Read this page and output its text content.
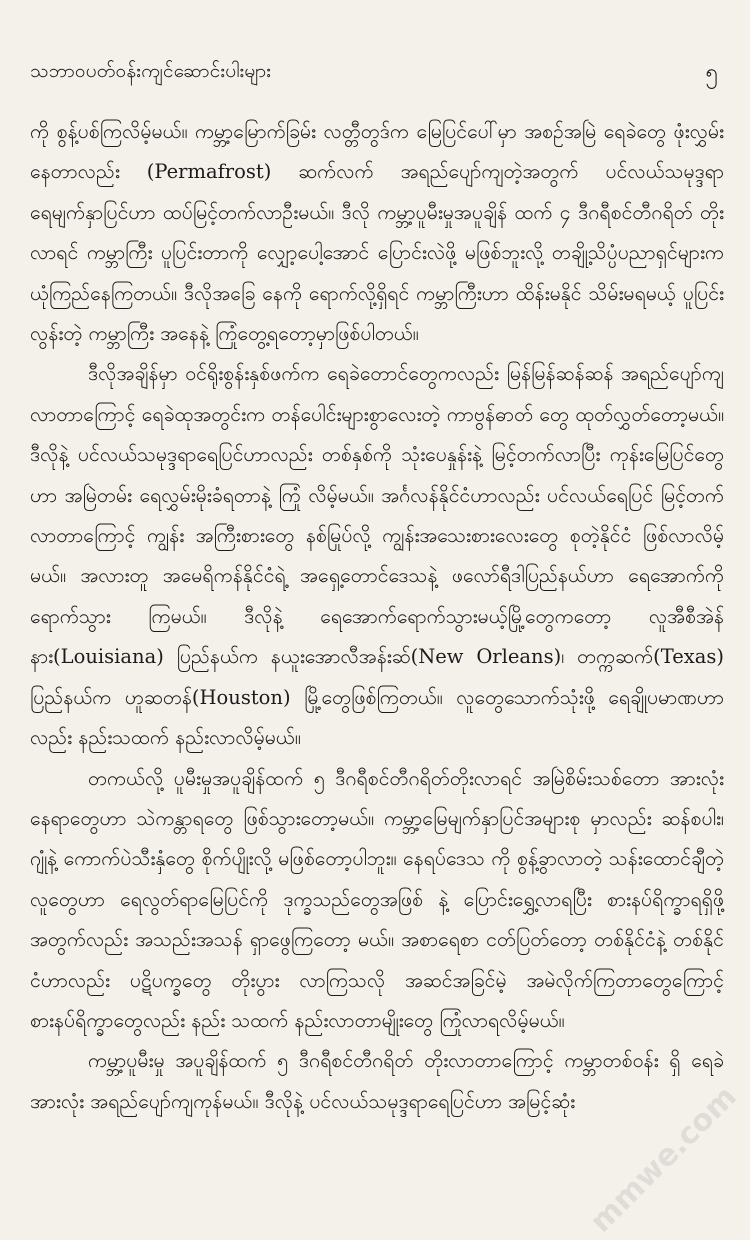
သဘာဝပတ်ဝန်းကျင်ဆောင်းပါးများ	၅

ကို စွန့်ပစ်ကြလိမ့်မယ်။ ကမ္ဘာ့မြောက်ခြမ်း လတ္တီတွဒ်က မြေပြင်ပေါ်မှာ အစဉ်အမြဲ ရေခဲတွေ ဖုံးလွှမ်းနေတာလည်း (Permafrost) ဆက်လက် အရည်ပျော်ကျတဲ့အတွက် ပင်လယ်သမုဒ္ဒရာရေမျက်နှာပြင်ဟာ ထပ်မြင့်တက်လာဦးမယ်။ ဒီလို ကမ္ဘာ့ပူမီးမှုအပူချိန် ထက် ၄ ဒီဂရီစင်တီဂရိတ် တိုးလာရင် ကမ္ဘာကြီး ပူပြင်းတာကို လျှော့ပေါ့အောင် ပြောင်းလဲဖို့ မဖြစ်ဘူးလို့ တချို့သိပ္ပံပညာရှင်များက ယုံကြည်နေကြတယ်။ ဒီလိုအခြေ နေကို ရောက်လို့ရှိရင် ကမ္ဘာကြီးဟာ ထိန်းမနိုင် သိမ်းမရမယ့် ပူပြင်းလွန်းတဲ့ ကမ္ဘာကြီး အနေနဲ့ ကြုံတွေ့ရတော့မှာဖြစ်ပါတယ်။

ဒီလိုအချိန်မှာ ဝင်ရိုးစွန်းနှစ်ဖက်က ရေခဲတောင်တွေကလည်း မြန်မြန်ဆန်ဆန် အရည်ပျော်ကျလာတာကြောင့် ရေခဲထုအတွင်းက တန်ပေါင်းများစွာလေးတဲ့ ကာဗွန်ဓာတ် တွေ ထုတ်လွှတ်တော့မယ်။ ဒီလိုနဲ့ ပင်လယ်သမုဒ္ဒရာရေပြင်ဟာလည်း တစ်နှစ်ကို သုံးပေနှုန်းနဲ့ မြင့်တက်လာပြီး ကုန်းမြေပြင်တွေဟာ အမြဲတမ်း ရေလွှမ်းမိုးခံရတာနဲ့ ကြုံ လိမ့်မယ်။ အင်္ဂလန်နိုင်ငံဟာလည်း ပင်လယ်ရေပြင် မြင့်တက်လာတာကြောင့် ကျွန်း အကြီးစားတွေ နစ်မြုပ်လို့ ကျွန်းအသေးစားလေးတွေ စုတဲ့နိုင်ငံ ဖြစ်လာလိမ့်မယ်။ အလားတူ အမေရိကန်နိုင်ငံရဲ့ အရှေ့တောင်ဒေသနဲ့ ဖလော်ရီဒါပြည်နယ်ဟာ ရေအောက်ကို ရောက်သွား ကြမယ်။ ဒီလိုနဲ့ ရေအောက်ရောက်သွားမယ့်မြို့တွေကတော့ လူအီစီအဲန်နား(Louisiana) ပြည်နယ်က နယူးအောလီအန်းဆ်(New Orleans)၊ တက္ကဆက်(Texas) ပြည်နယ်က ဟူဆတန်(Houston) မြို့တွေဖြစ်ကြတယ်။ လူတွေသောက်သုံးဖို့ ရေချိုပမာဏဟာလည်း နည်းသထက် နည်းလာလိမ့်မယ်။

တကယ်လို့ ပူမီးမှုအပူချိန်ထက် ၅ ဒီဂရီစင်တီဂရိတ်တိုးလာရင် အမြဲစိမ်းသစ်တော အားလုံးနေရာတွေဟာ သဲကန္တာရတွေ ဖြစ်သွားတော့မယ်။ ကမ္ဘာ့မြေမျက်နှာပြင်အများစု မှာလည်း ဆန်စပါး၊ ဂျုံနဲ့ ကောက်ပဲသီးနှံတွေ စိုက်ပျိုးလို့ မဖြစ်တော့ပါဘူး။ နေရပ်ဒေသ ကို စွန့်ခွာလာတဲ့ သန်းထောင်ချီတဲ့လူတွေဟာ ရေလွတ်ရာမြေပြင်ကို ဒုက္ခသည်တွေအဖြစ် နဲ့ ပြောင်းရွှေ့လာရပြီး စားနပ်ရိက္ခာရရှိဖို့အတွက်လည်း အသည်းအသန် ရှာဖွေကြတော့ မယ်။ အစာရေစာ ငတ်ပြတ်တော့ တစ်နိုင်ငံနဲ့ တစ်နိုင်ငံဟာလည်း ပဋိပက္ခတွေ တိုးပွား လာကြသလို အဆင်အခြင်မဲ့ အမဲလိုက်ကြတာတွေကြောင့် စားနပ်ရိက္ခာတွေလည်း နည်း သထက် နည်းလာတာမျိုးတွေ ကြုံလာရလိမ့်မယ်။

ကမ္ဘာ့ပူမီးမှု အပူချိန်ထက် ၅ ဒီဂရီစင်တီဂရိတ် တိုးလာတာကြောင့် ကမ္ဘာတစ်ဝန်း ရှိ ရေခဲအားလုံး အရည်ပျော်ကျကုန်မယ်။ ဒီလိုနဲ့ ပင်လယ်သမုဒ္ဒရာရေပြင်ဟာ အမြင့်ဆုံး mmwe.com
